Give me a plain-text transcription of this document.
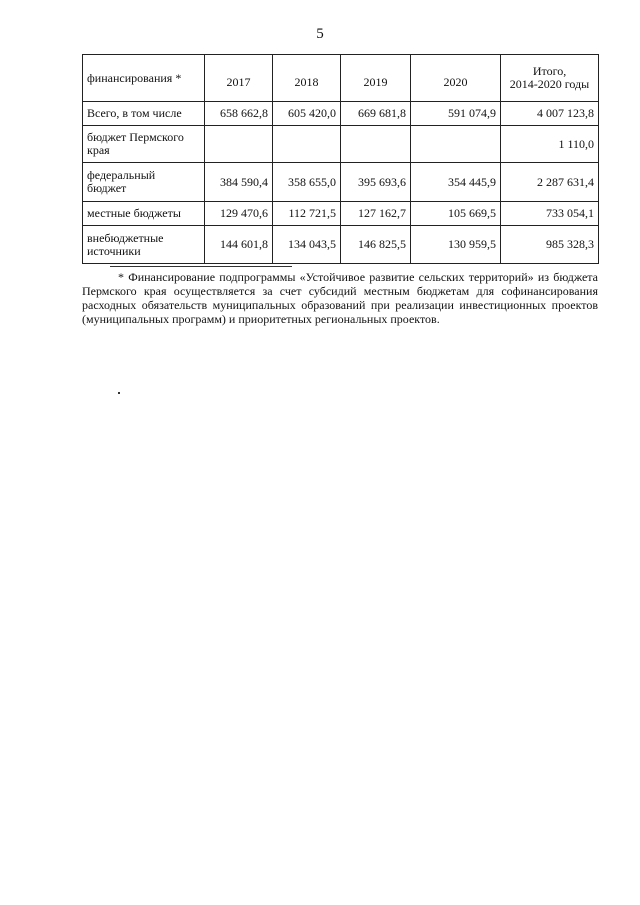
5
финансирования *	2017	2018	2019	2020	Итого,
2014-2020 годы

Всего, в том числе	658 662,8	605 420,0	669 681,8	591 074,9	4 007 123,8

бюджет Пермского
края					1 110,0

федеральный
бюджет	384 590,4	358 655,0	395 693,6	354 445,9	2 287 631,4
местные бюджеты	129 470,6	112 721,5	127 162,7	105 669,5	733 054,1

внебюджетные
источники	144 601,8	134 043,5	146 825,5	130 959,5	985 328,3
* Финансирование подпрограммы «Устойчивое развитие сельских территорий» из бюджета Пермского края осуществляется за счет субсидий местным бюджетам для софинансирования расходных обязательств муниципальных образований при реализации инвестиционных проектов (муниципальных программ) и приоритетных региональных проектов.
